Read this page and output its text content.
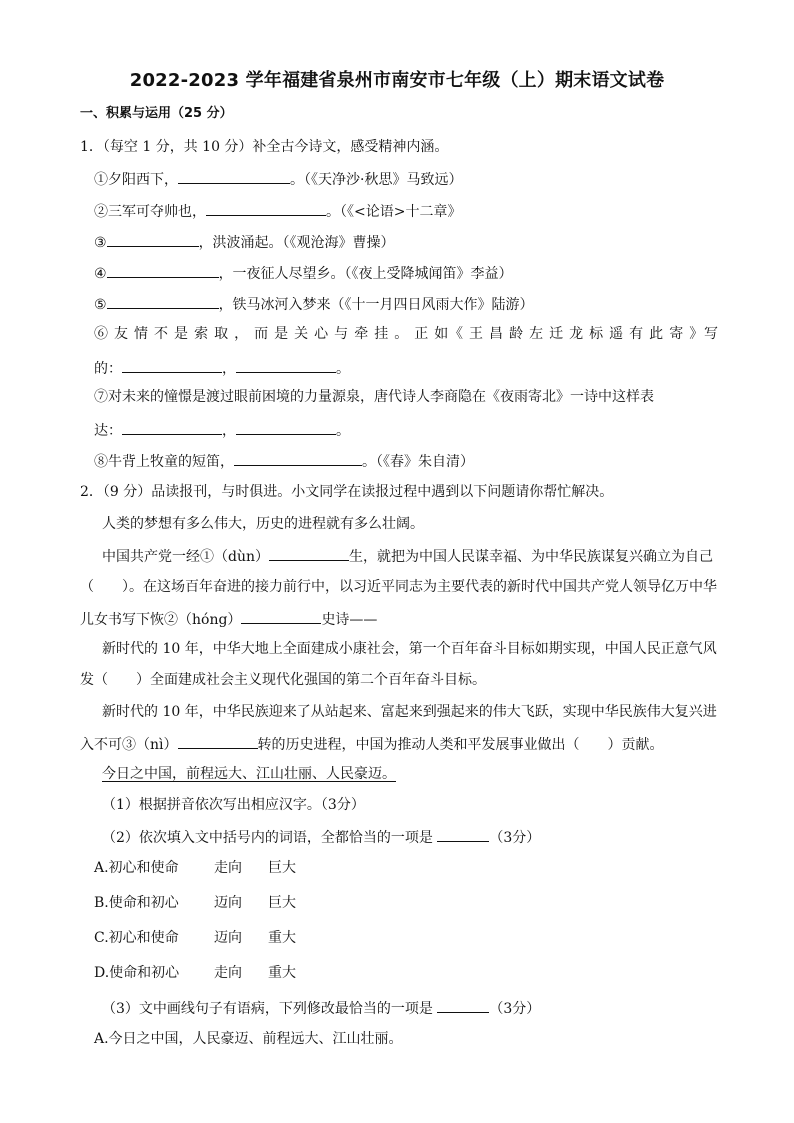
2022-2023 学年福建省泉州市南安市七年级（上）期末语文试卷
一、积累与运用（25 分）
1．（每空 1 分，共 10 分）补全古今诗文，感受精神内涵。
①夕阳西下，	。（《天净沙·秋思》马致远）
②三军可夺帅也，	。（《<论语>十二章》
③	，洪波涌起。（《观沧海》曹操）
④	，一夜征人尽望乡。（《夜上受降城闻笛》李益）
⑤	，铁马冰河入梦来（《十一月四日风雨大作》陆游）
⑥ 友 情 不 是 索 取 ， 而 是 关 心 与 牵 挂 。 正 如《 王 昌 龄 左 迁 龙 标 遥 有 此 寄 》写
的：	，	。
⑦对未来的憧憬是渡过眼前困境的力量源泉，唐代诗人李商隐在《夜雨寄北》一诗中这样表
达：	，	。
⑧牛背上牧童的短笛，	。（《春》朱自清）
2．（9 分）品读报刊，与时俱进。小文同学在读报过程中遇到以下问题请你帮忙解决。
人类的梦想有多么伟大，历史的进程就有多么壮阔。
中国共产党一经①（dùn）	生，就把为中国人民谋幸福、为中华民族谋复兴确立为自己
（　　）。在这场百年奋进的接力前行中，以习近平同志为主要代表的新时代中国共产党人领导亿万中华
儿女书写下恢②（hóng）	史诗——
新时代的 10 年，中华大地上全面建成小康社会，第一个百年奋斗目标如期实现，中国人民正意气风
发（　　）全面建成社会主义现代化强国的第二个百年奋斗目标。
新时代的 10 年，中华民族迎来了从站起来、富起来到强起来的伟大飞跃，实现中华民族伟大复兴进
入不可③（nì）	转的历史进程，中国为推动人类和平发展事业做出（　　）贡献。
今日之中国，前程远大、江山壮丽、人民豪迈。
（1）根据拼音依次写出相应汉字。（3分）
（2）依次填入文中括号内的词语，全都恰当的一项是	（3分）
A.初心和使命	走向 巨大
B.使命和初心	迈向 巨大
C.初心和使命	迈向 重大
D.使命和初心 走向 重大
（3）文中画线句子有语病，下列修改最恰当的一项是	（3分）
A.今日之中国，人民豪迈、前程远大、江山壮丽。
